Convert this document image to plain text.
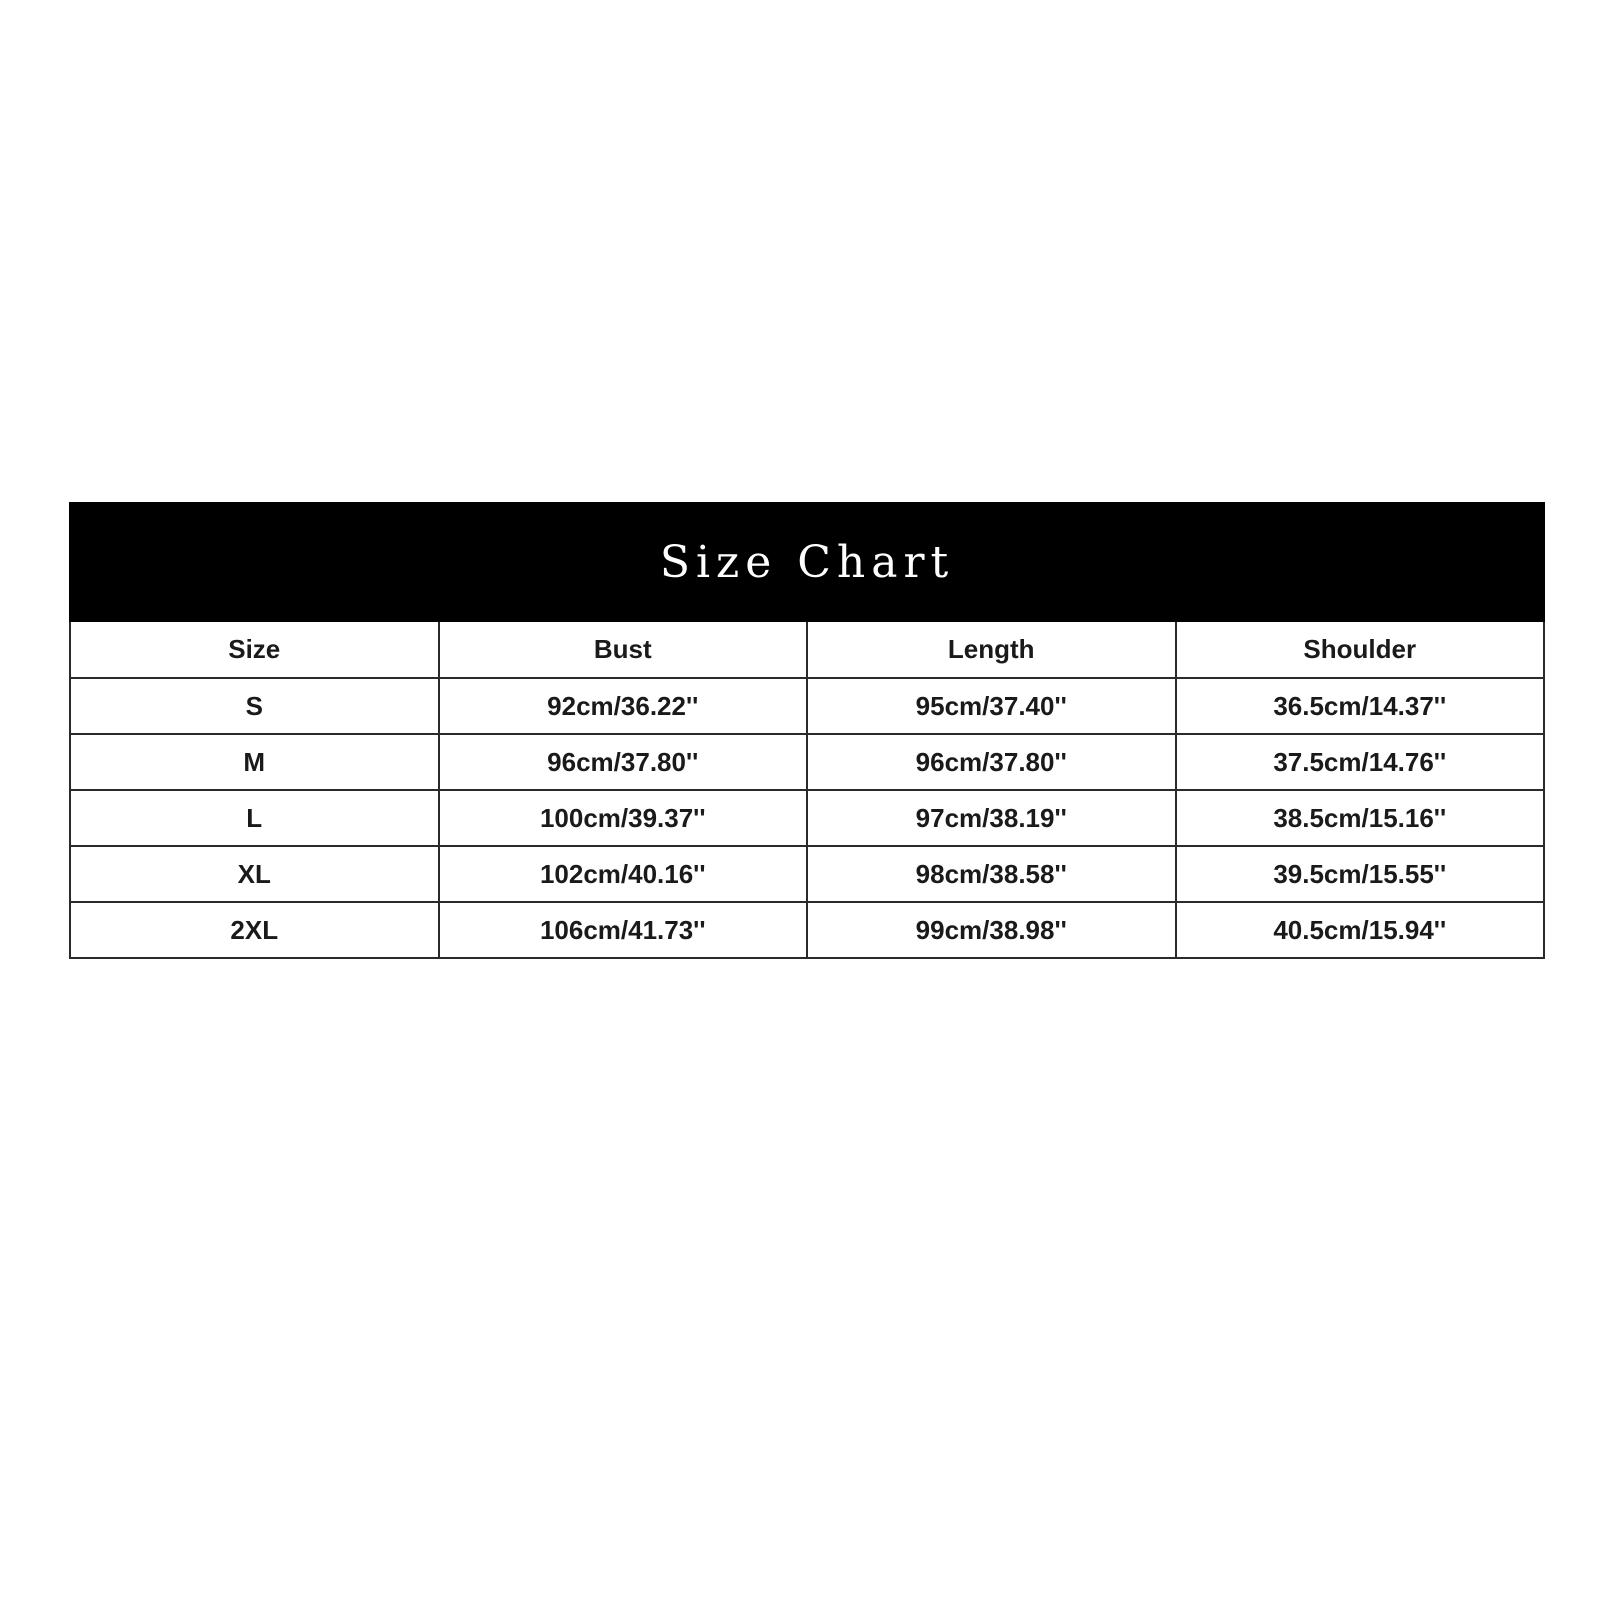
Size Chart
Size	Bust	Length	Shoulder
S	92cm/36.22''	95cm/37.40''	36.5cm/14.37''
M	96cm/37.80''	96cm/37.80''	37.5cm/14.76''
L	100cm/39.37''	97cm/38.19''	38.5cm/15.16''
XL	102cm/40.16''	98cm/38.58''	39.5cm/15.55''
2XL	106cm/41.73''	99cm/38.98''	40.5cm/15.94''
